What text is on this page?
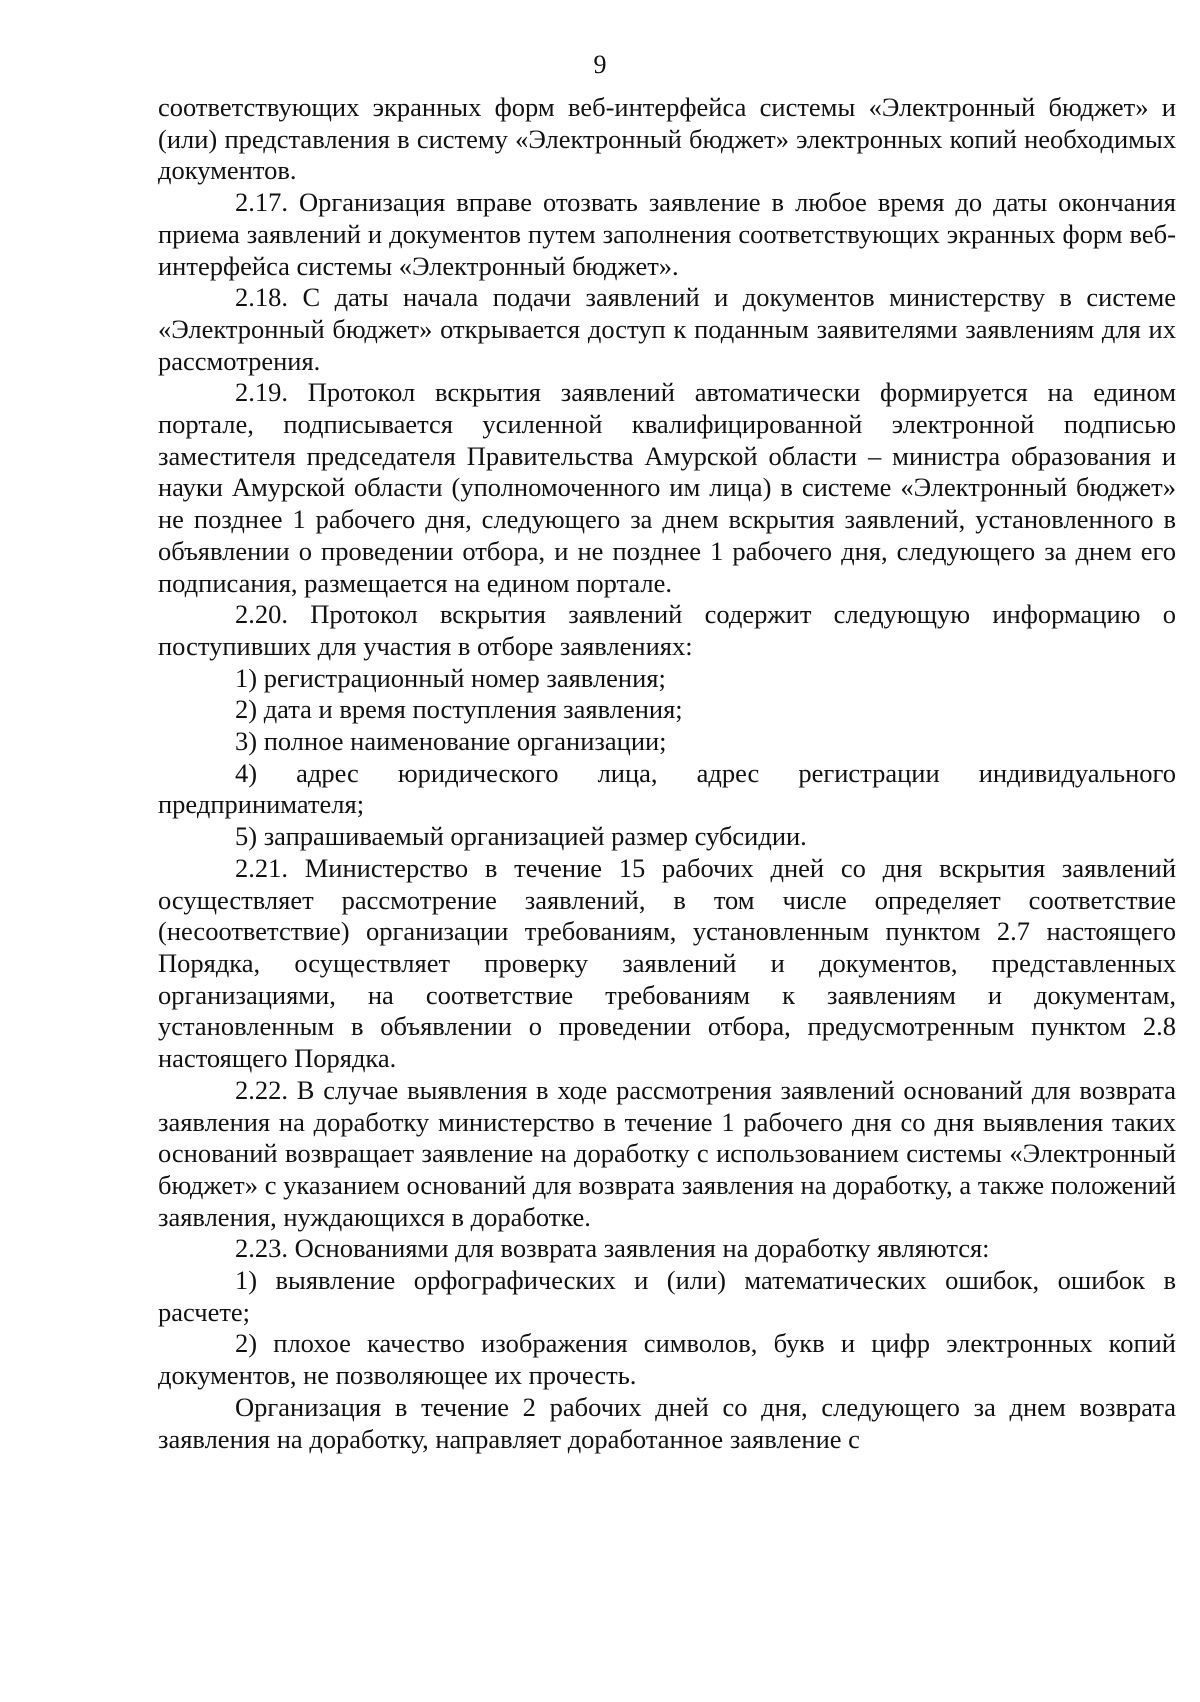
9

соответствующих экранных форм веб-интерфейса системы «Электронный бюджет» и (или) представления в систему «Электронный бюджет» электронных копий необходимых документов.

2.17. Организация вправе отозвать заявление в любое время до даты окончания приема заявлений и документов путем заполнения соответствующих экранных форм веб-интерфейса системы «Электронный бюджет».

2.18. С даты начала подачи заявлений и документов министерству в системе «Электронный бюджет» открывается доступ к поданным заявителями заявлениям для их рассмотрения.

2.19. Протокол вскрытия заявлений автоматически формируется на едином портале, подписывается усиленной квалифицированной электронной подписью заместителя председателя Правительства Амурской области – министра образования и науки Амурской области (уполномоченного им лица) в системе «Электронный бюджет» не позднее 1 рабочего дня, следующего за днем вскрытия заявлений, установленного в объявлении о проведении отбора, и не позднее 1 рабочего дня, следующего за днем его подписания, размещается на едином портале.

2.20. Протокол вскрытия заявлений содержит следующую информацию о поступивших для участия в отборе заявлениях:

1) регистрационный номер заявления;

2) дата и время поступления заявления;

3) полное наименование организации;

4) адрес юридического лица, адрес регистрации индивидуального предпринимателя;

5) запрашиваемый организацией размер субсидии.

2.21. Министерство в течение 15 рабочих дней со дня вскрытия заявлений осуществляет рассмотрение заявлений, в том числе определяет соответствие (несоответствие) организации требованиям, установленным пунктом 2.7 настоящего Порядка, осуществляет проверку заявлений и документов, представленных организациями, на соответствие требованиям к заявлениям и документам, установленным в объявлении о проведении отбора, предусмотренным пунктом 2.8 настоящего Порядка.

2.22. В случае выявления в ходе рассмотрения заявлений оснований для возврата заявления на доработку министерство в течение 1 рабочего дня со дня выявления таких оснований возвращает заявление на доработку с использованием системы «Электронный бюджет» с указанием оснований для возврата заявления на доработку, а также положений заявления, нуждающихся в доработке.

2.23. Основаниями для возврата заявления на доработку являются:

1) выявление орфографических и (или) математических ошибок, ошибок в расчете;

2) плохое качество изображения символов, букв и цифр электронных копий документов, не позволяющее их прочесть.

Организация в течение 2 рабочих дней со дня, следующего за днем возврата заявления на доработку, направляет доработанное заявление с
